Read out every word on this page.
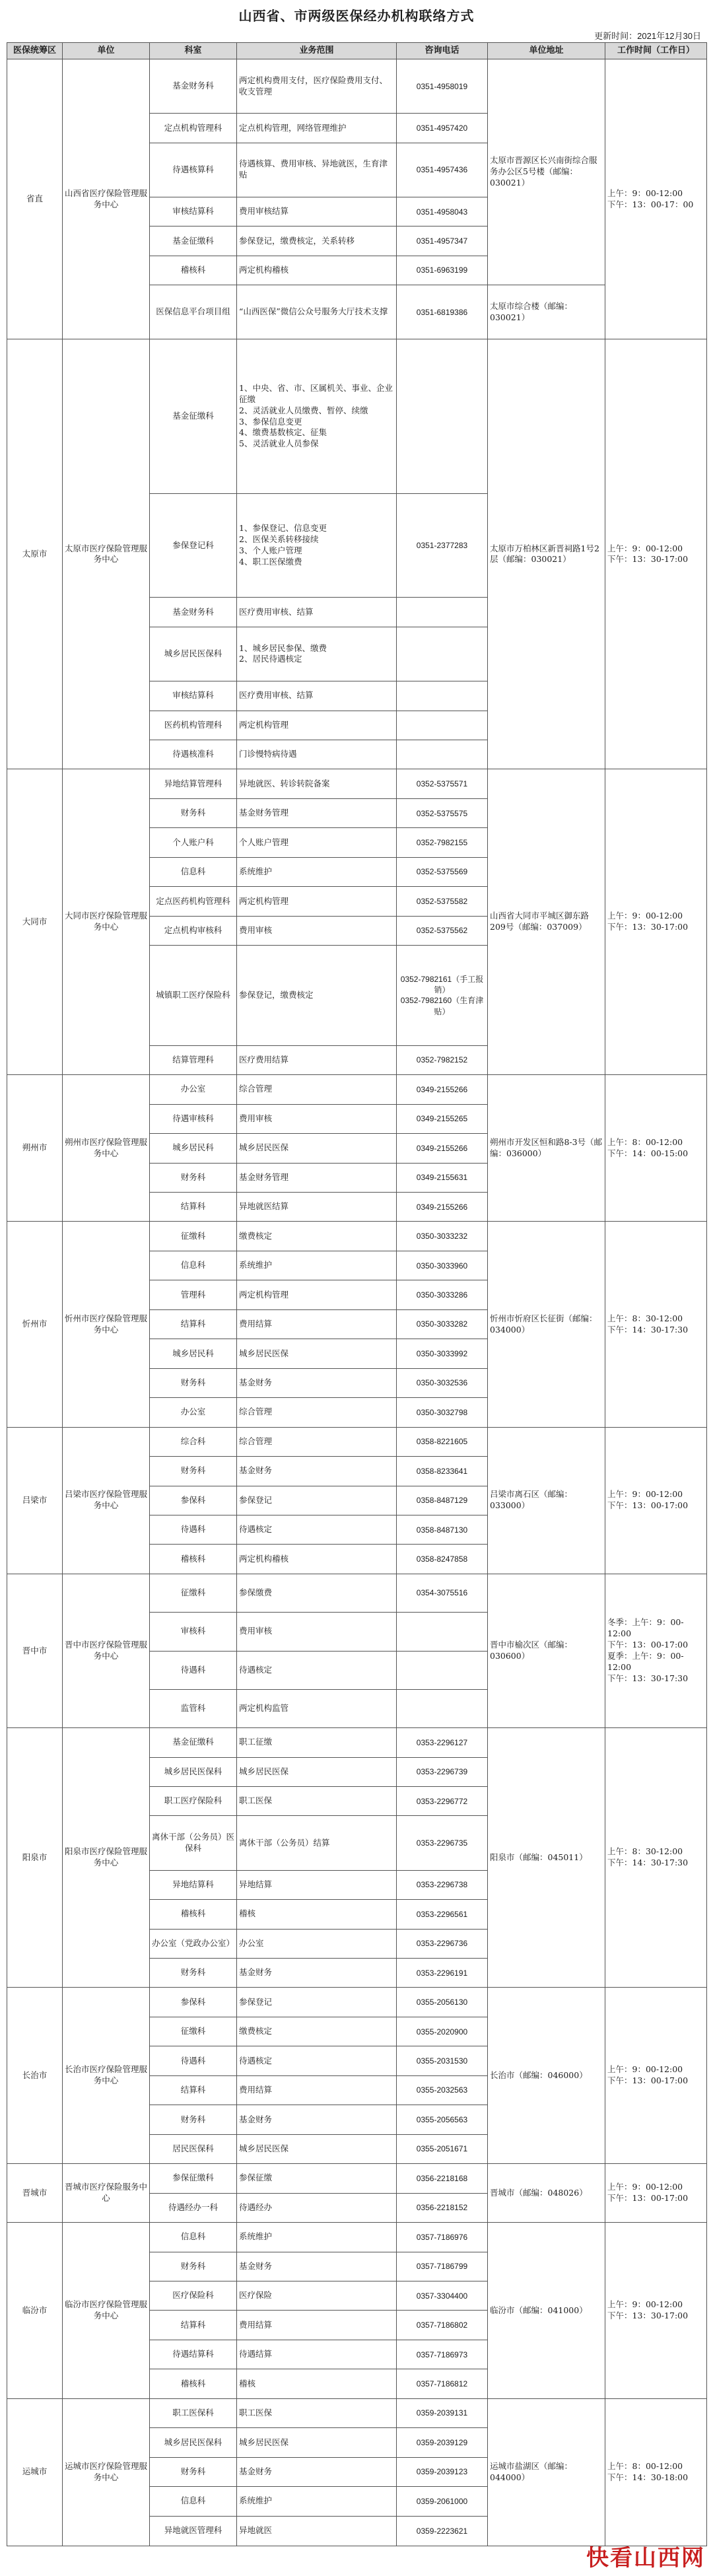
山西省、市两级医保经办机构联络方式
更新时间：2021年12月30日
医保统筹区	单位	科室	业务范围	咨询电话	单位地址	工作时间（工作日）
省直	山西省医疗保险管理服务中心	基金财务科	两定机构费用支付，医疗保险费用支付、收支管理	0351-4958019	太原市晋源区长兴南街综合服务办公区5号楼（邮编：030021）	上午：9：00-12:00
下午：13：00-17：00
		定点机构管理科	定点机构管理，网络管理维护	0351-4957420		
		待遇核算科	待遇核算、费用审核、异地就医，生育津贴	0351-4957436		
		审核结算科	费用审核结算	0351-4958043		
		基金征缴科	参保登记，缴费核定，关系转移	0351-4957347		
		稽核科	两定机构稽核	0351-6963199		
		医保信息平台项目组	“山西医保”微信公众号服务大厅技术支撑	0351-6819386	太原市综合楼（邮编：030021）	
太原市	太原市医疗保险管理服务中心	基金征缴科	1、中央、省、市、区属机关、事业、企业征缴
2、灵活就业人员缴费、暂停、续缴
3、参保信息变更
4、缴费基数核定、征集
5、灵活就业人员参保		太原市万柏林区新晋祠路1号2层（邮编：030021）	上午：9：00-12:00
下午：13：30-17:00
		参保登记科	1、参保登记、信息变更
2、医保关系转移接续
3、个人账户管理
4、职工医保缴费	0351-2377283		
		基金财务科	医疗费用审核、结算			
		城乡居民医保科	1、城乡居民参保、缴费
2、居民待遇核定			
		审核结算科	医疗费用审核、结算			
		医药机构管理科	两定机构管理			
		待遇核准科	门诊慢特病待遇			
大同市	大同市医疗保险管理服务中心	异地结算管理科	异地就医、转诊转院备案	0352-5375571	山西省大同市平城区御东路209号（邮编：037009）	上午：9：00-12:00
下午：13：30-17:00
		财务科	基金财务管理	0352-5375575		
		个人账户科	个人账户管理	0352-7982155		
		信息科	系统维护	0352-5375569		
		定点医药机构管理科	两定机构管理	0352-5375582		
		定点机构审核科	费用审核	0352-5375562		
		城镇职工医疗保险科	参保登记，缴费核定	0352-7982161（手工报销）
0352-7982160（生育津贴）		
		结算管理科	医疗费用结算	0352-7982152		
朔州市	朔州市医疗保险管理服务中心	办公室	综合管理	0349-2155266	朔州市开发区恒和路8-3号（邮编：036000）	上午：8：00-12:00
下午：14：00-15:00
		待遇审核科	费用审核	0349-2155265		
		城乡居民科	城乡居民医保	0349-2155266		
		财务科	基金财务管理	0349-2155631		
		结算科	异地就医结算	0349-2155266		
忻州市	忻州市医疗保险管理服务中心	征缴科	缴费核定	0350-3033232	忻州市忻府区长征街（邮编：034000）	上午：8：30-12:00
下午：14：30-17:30
		信息科	系统维护	0350-3033960		
		管理科	两定机构管理	0350-3033286		
		结算科	费用结算	0350-3033282		
		城乡居民科	城乡居民医保	0350-3033992		
		财务科	基金财务	0350-3032536		
		办公室	综合管理	0350-3032798		
吕梁市	吕梁市医疗保险管理服务中心	综合科	综合管理	0358-8221605	吕梁市离石区（邮编：033000）	上午：9：00-12:00
下午：13：00-17:00
		财务科	基金财务	0358-8233641		
		参保科	参保登记	0358-8487129		
		待遇科	待遇核定	0358-8487130		
		稽核科	两定机构稽核	0358-8247858		
晋中市	晋中市医疗保险管理服务中心	征缴科	参保缴费	0354-3075516	晋中市榆次区（邮编：030600）	冬季：上午：9：00-12:00
下午：13：00-17:00
夏季：上午：9：00-12:00
下午：13：30-17:30
		审核科	费用审核			
		待遇科	待遇核定			
		监管科	两定机构监管			
阳泉市	阳泉市医疗保险管理服务中心	基金征缴科	职工征缴	0353-2296127	阳泉市（邮编：045011）	上午：8：30-12:00
下午：14：30-17:30
		城乡居民医保科	城乡居民医保	0353-2296739		
		职工医疗保险科	职工医保	0353-2296772		
		离休干部（公务员）医保科	离休干部（公务员）结算	0353-2296735		
		异地结算科	异地结算	0353-2296738		
		稽核科	稽核	0353-2296561		
		办公室（党政办公室）	办公室	0353-2296736		
		财务科	基金财务	0353-2296191		
长治市	长治市医疗保险管理服务中心	参保科	参保登记	0355-2056130	长治市（邮编：046000）	上午：9：00-12:00
下午：13：00-17:00
		征缴科	缴费核定	0355-2020900		
		待遇科	待遇核定	0355-2031530		
		结算科	费用结算	0355-2032563		
		财务科	基金财务	0355-2056563		
		居民医保科	城乡居民医保	0355-2051671		
晋城市	晋城市医疗保险服务中心	参保征缴科	参保征缴	0356-2218168	晋城市（邮编：048026）	上午：9：00-12:00
下午：13：00-17:00
		待遇经办一科	待遇经办	0356-2218152		
临汾市	临汾市医疗保险管理服务中心	信息科	系统维护	0357-7186976	临汾市（邮编：041000）	上午：9：00-12:00
下午：13：30-17:00
		财务科	基金财务	0357-7186799		
		医疗保险科	医疗保险	0357-3304400		
		结算科	费用结算	0357-7186802		
		待遇结算科	待遇结算	0357-7186973		
		稽核科	稽核	0357-7186812		
运城市	运城市医疗保险管理服务中心	职工医保科	职工医保	0359-2039131	运城市盐湖区（邮编：044000）	上午：8：00-12:00
下午：14：30-18:00
		城乡居民医保科	城乡居民医保	0359-2039129		
		财务科	基金财务	0359-2039123		
		信息科	系统维护	0359-2061000		
		异地就医管理科	异地就医	0359-2223621		
快看山西网
